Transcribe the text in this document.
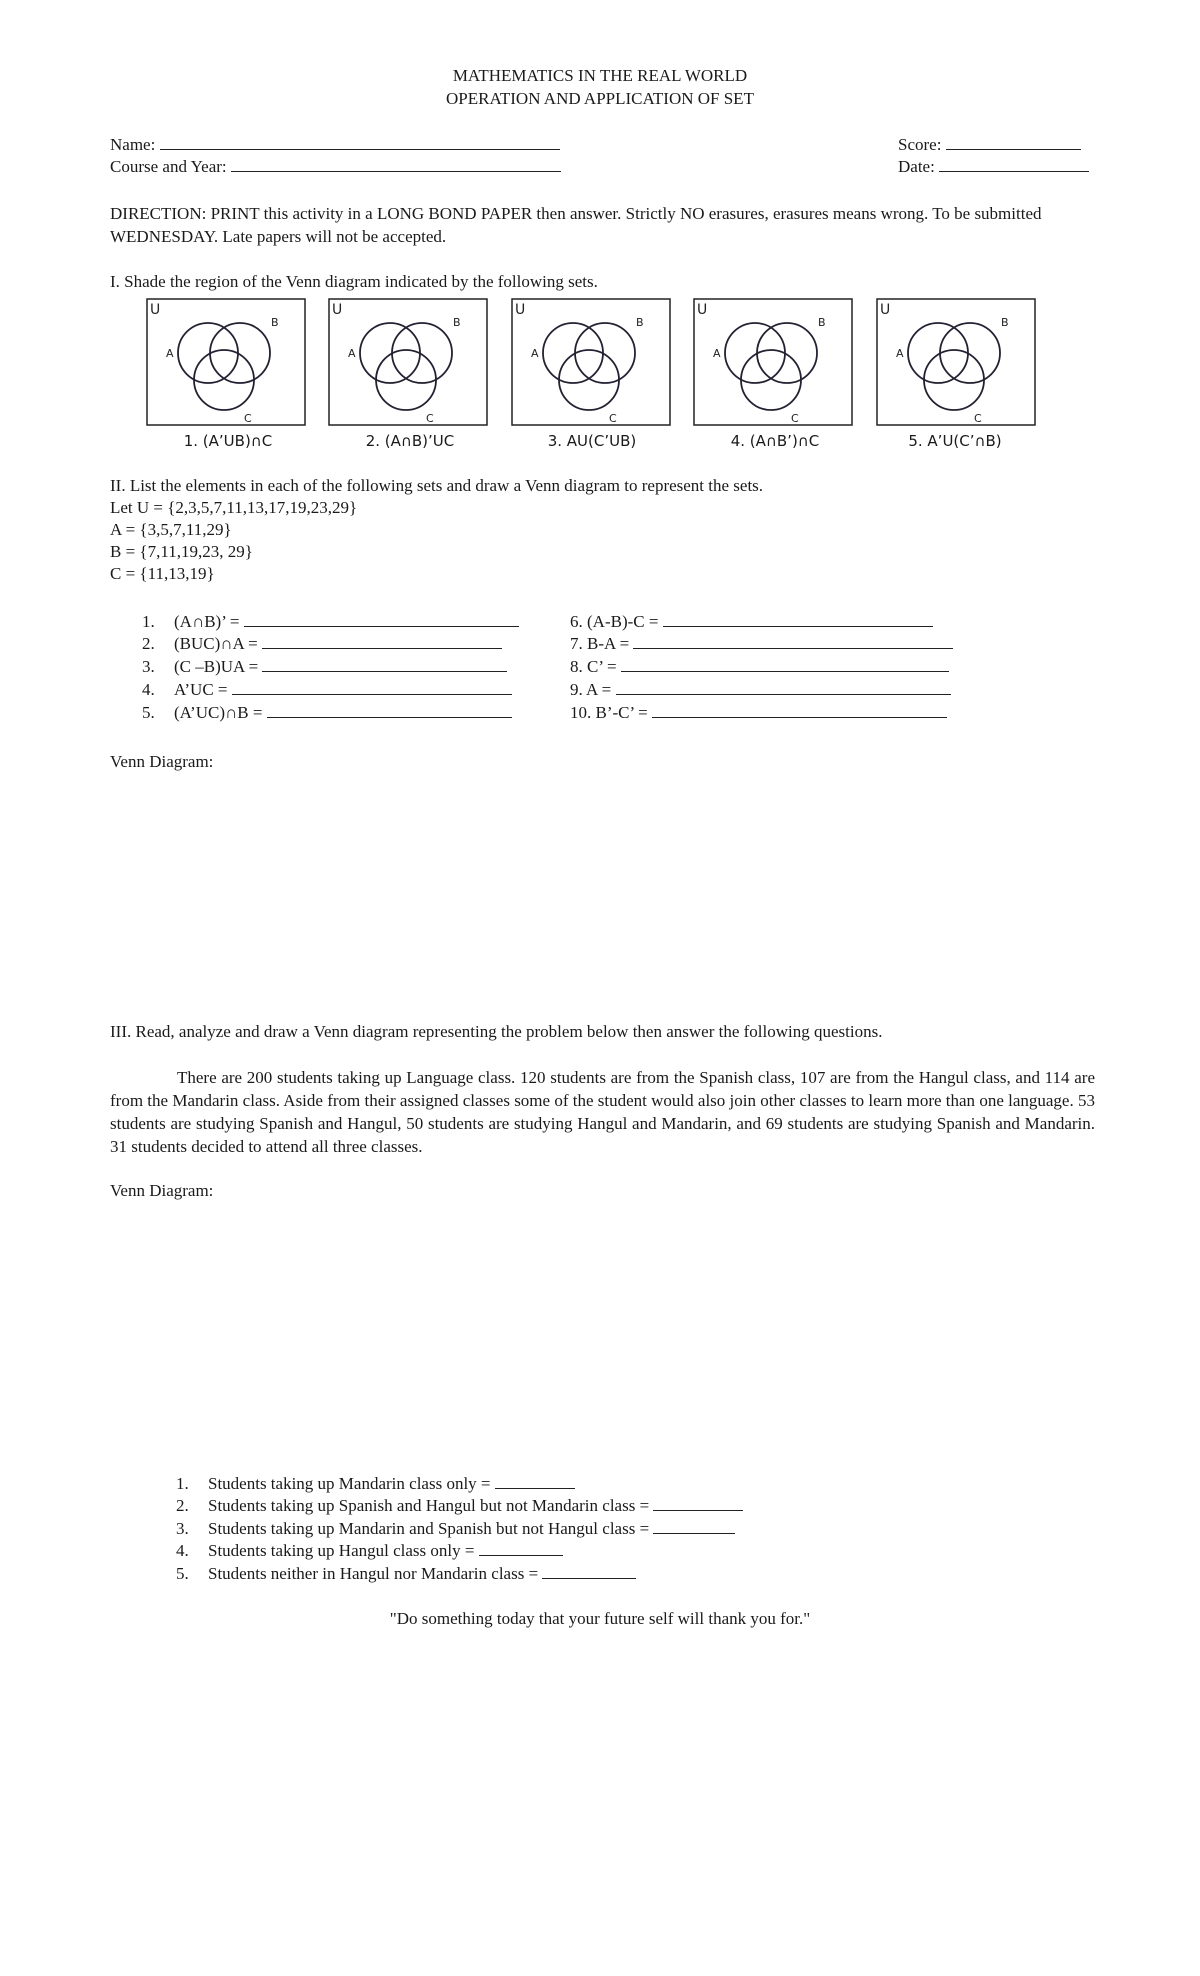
MATHEMATICS IN THE REAL WORLD
OPERATION AND APPLICATION OF SET
Name:
Course and Year:
Score:
Date:
DIRECTION: PRINT this activity in a LONG BOND PAPER then answer. Strictly NO erasures, erasures means wrong. To be submitted WEDNESDAY. Late papers will not be accepted.
I. Shade the region of the Venn diagram indicated by the following sets.
U
A
B
C
1. (A’UB)∩C
U
A
B
C
2. (A∩B)’UC
U
A
B
C
3. AU(C’UB)
U
A
B
C
4. (A∩B’)∩C
U
A
B
C
5. A’U(C’∩B)
II. List the elements in each of the following sets and draw a Venn diagram to represent the sets.
Let U = {2,3,5,7,11,13,17,19,23,29}
A = {3,5,7,11,29}
B = {7,11,19,23, 29}
C = {11,13,19}
1. (A∩B)’ =
2. (BUC)∩A =
3. (C –B)UA =
4. A’UC =
5. (A’UC)∩B =
6. (A-B)-C =
7. B-A =
8. C’ =
9. A =
10. B’-C’ =
Venn Diagram:
III. Read, analyze and draw a Venn diagram representing the problem below then answer the following questions.
There are 200 students taking up Language class. 120 students are from the Spanish class, 107 are from the Hangul class, and 114 are from the Mandarin class. Aside from their assigned classes some of the student would also join other classes to learn more than one language. 53 students are studying Spanish and Hangul, 50 students are studying Hangul and Mandarin, and 69 students are studying Spanish and Mandarin. 31 students decided to attend all three classes.
Venn Diagram:
1. Students taking up Mandarin class only =
2. Students taking up Spanish and Hangul but not Mandarin class =
3. Students taking up Mandarin and Spanish but not Hangul class =
4. Students taking up Hangul class only =
5. Students neither in Hangul nor Mandarin class =
"Do something today that your future self will thank you for."
